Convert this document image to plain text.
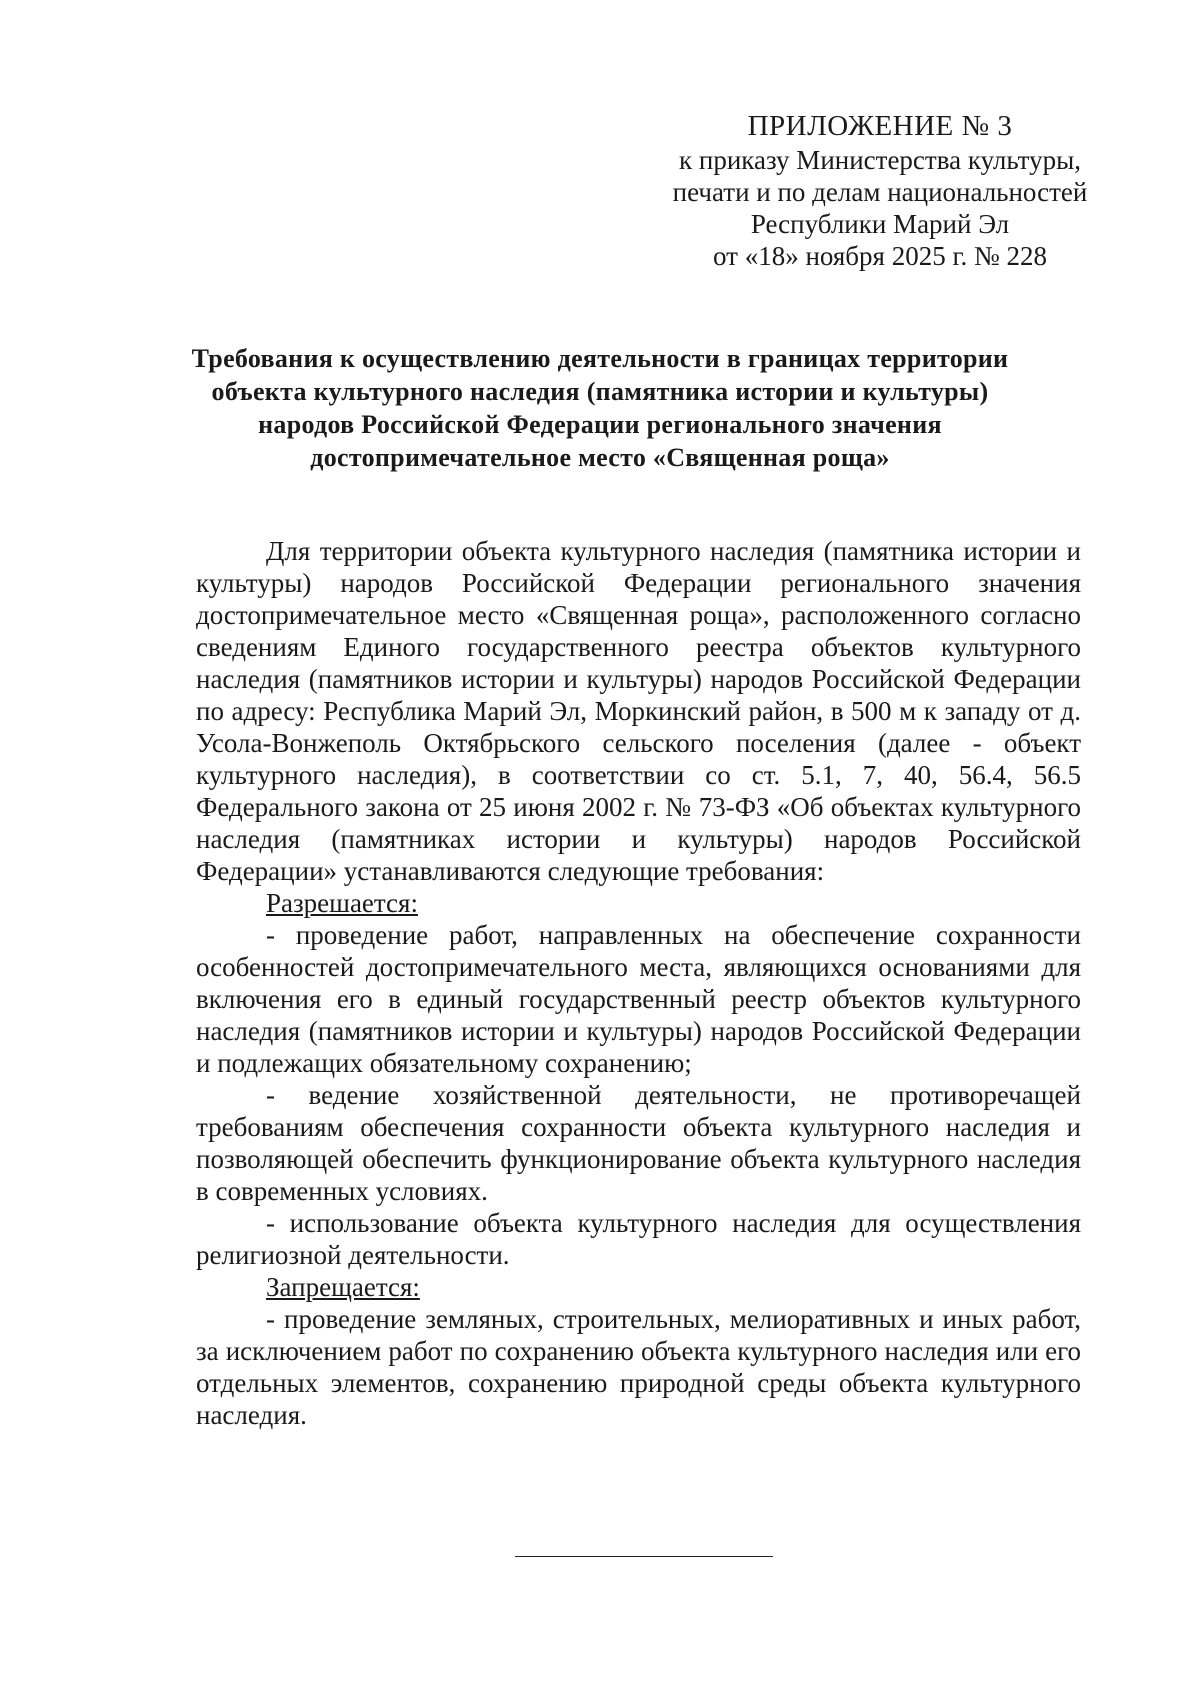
ПРИЛОЖЕНИЕ № 3
к приказу Министерства культуры,
печати и по делам национальностей
Республики Марий Эл
от «18» ноября 2025 г. № 228
Требования к осуществлению деятельности в границах территории
объекта культурного наследия (памятника истории и культуры)
народов Российской Федерации регионального значения
достопримечательное место «Священная роща»

Для территории объекта культурного наследия (памятника истории и культуры) народов Российской Федерации регионального значения достопримечательное место «Священная роща», расположенного согласно сведениям Единого государственного реестра объектов культурного наследия (памятников истории и культуры) народов Российской Федерации по адресу: Республика Марий Эл, Моркинский район, в 500 м к западу от д. Усола-Вонжеполь Октябрьского сельского поселения (далее - объект культурного наследия), в соответствии со ст. 5.1, 7, 40, 56.4, 56.5 Федерального закона от 25 июня 2002 г. № 73-ФЗ «Об объектах культурного наследия (памятниках истории и культуры) народов Российской Федерации» устанавливаются следующие требования:

Разрешается:

- проведение работ, направленных на обеспечение сохранности особенностей достопримечательного места, являющихся основаниями для включения его в единый государственный реестр объектов культурного наследия (памятников истории и культуры) народов Российской Федерации и подлежащих обязательному сохранению;

- ведение хозяйственной деятельности, не противоречащей требованиям обеспечения сохранности объекта культурного наследия и позволяющей обеспечить функционирование объекта культурного наследия в современных условиях.

- использование объекта культурного наследия для осуществления религиозной деятельности.

Запрещается:

- проведение земляных, строительных, мелиоративных и иных работ, за исключением работ по сохранению объекта культурного наследия или его отдельных элементов, сохранению природной среды объекта культурного наследия.
